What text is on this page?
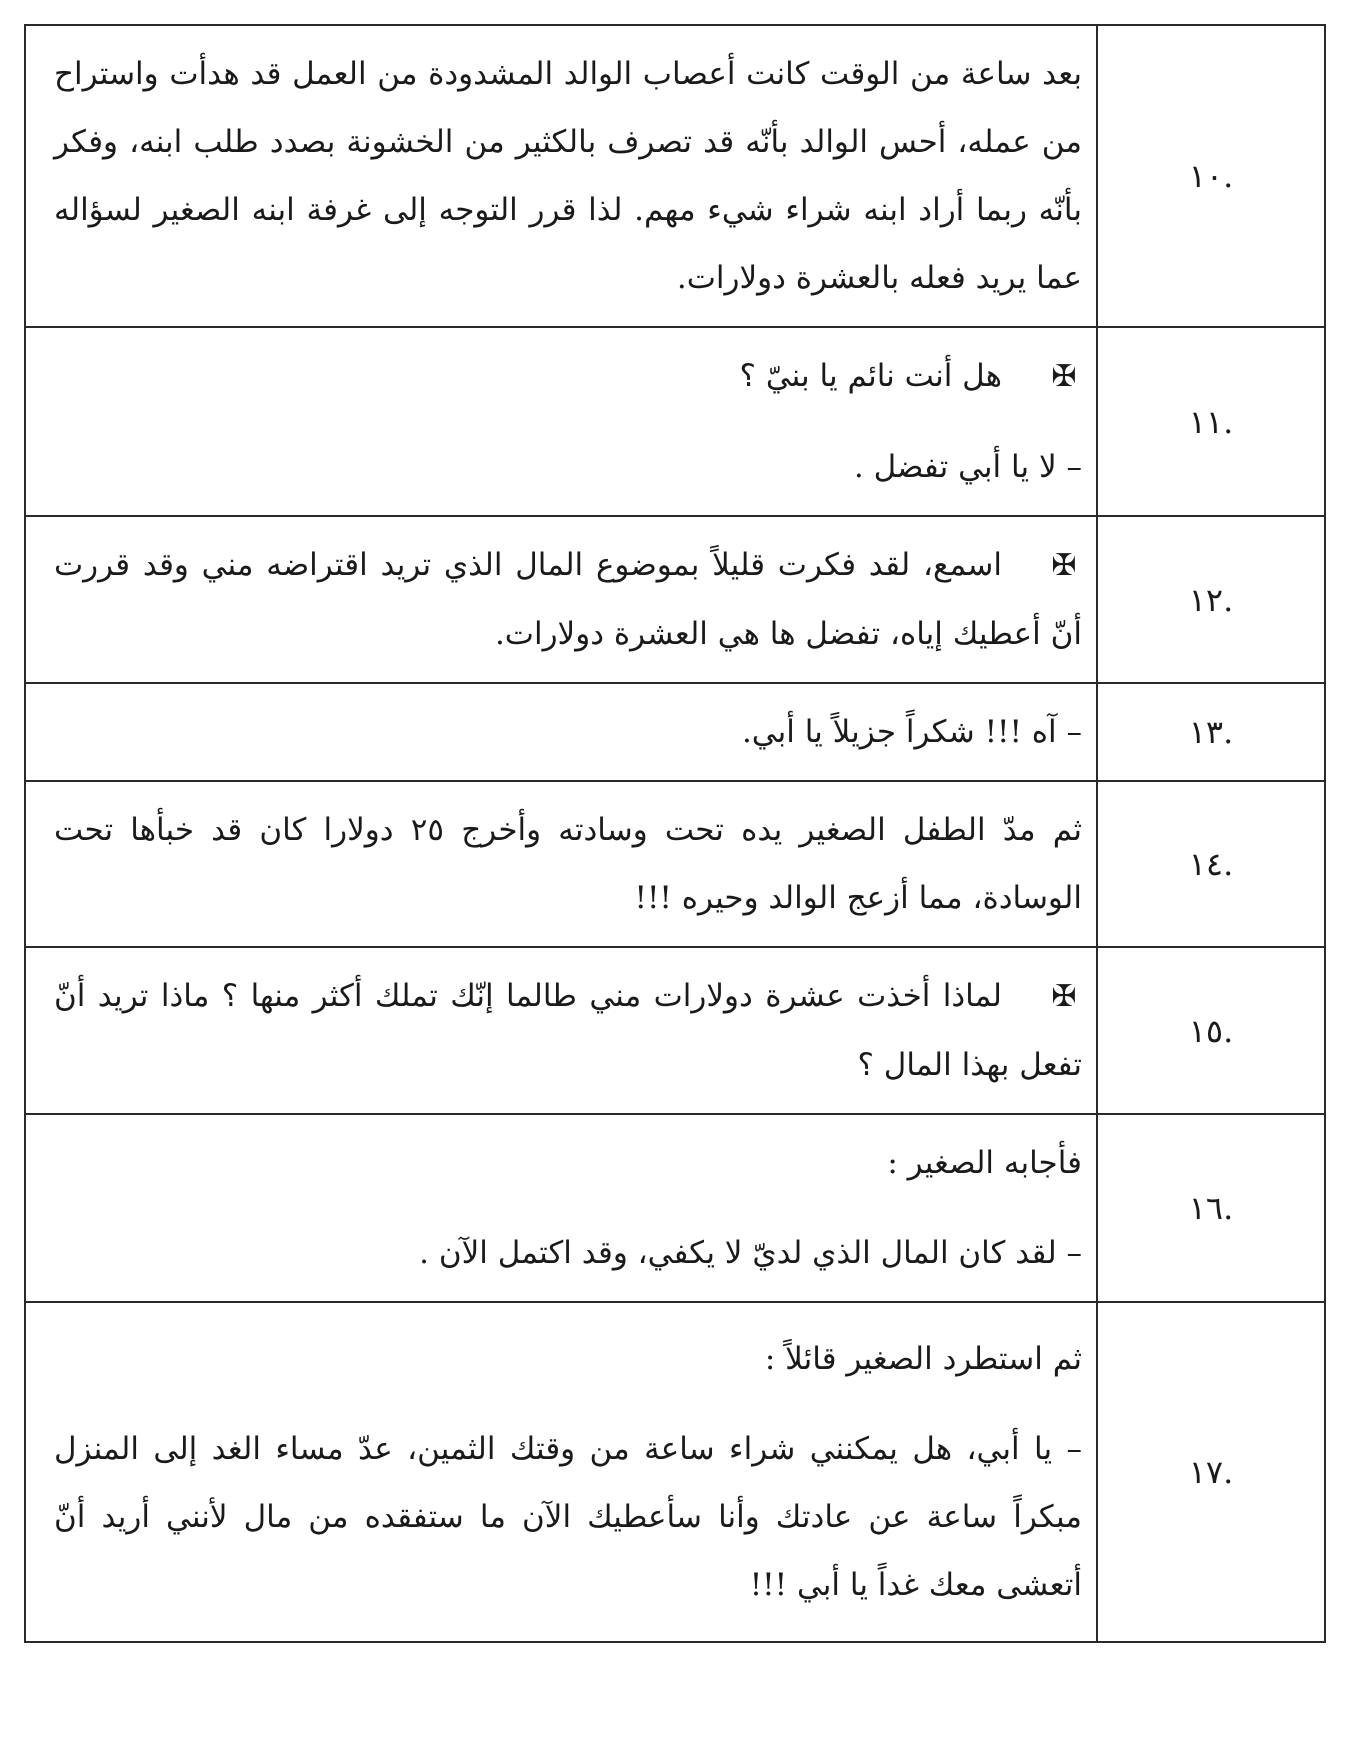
.١٠	بعد ساعة من الوقت كانت أعصاب الوالد المشدودة من العمل قد هدأت واستراح من عمله، أحس الوالد بأنّه قد تصرف بالكثير من الخشونة بصدد طلب ابنه، وفكر بأنّه ربما أراد ابنه شراء شيء مهم. لذا قرر التوجه إلى غرفة ابنه الصغير لسؤاله عما يريد فعله بالعشرة دولارات.

.١١	✠هل أنت نائم يا بنيّ ؟

– لا يا أبي تفضل .

.١٢	✠اسمع، لقد فكرت قليلاً بموضوع المال الذي تريد اقتراضه مني وقد قررت أنّ أعطيك إياه، تفضل ها هي العشرة دولارات.

.١٣	– آه !!! شكراً جزيلاً يا أبي.

.١٤	ثم مدّ الطفل الصغير يده تحت وسادته وأخرج ٢٥ دولارا كان قد خبأها تحت الوسادة، مما أزعج الوالد وحيره !!!

.١٥	✠لماذا أخذت عشرة دولارات مني طالما إنّك تملك أكثر منها ؟ ماذا تريد أنّ تفعل بهذا المال ؟

.١٦	فأجابه الصغير :

– لقد كان المال الذي لديّ لا يكفي، وقد اكتمل الآن .

.١٧	ثم استطرد الصغير قائلاً :

– يا أبي، هل يمكنني شراء ساعة من وقتك الثمين، عدّ مساء الغد إلى المنزل مبكراً ساعة عن عادتك وأنا سأعطيك الآن ما ستفقده من مال لأنني أريد أنّ أتعشى معك غداً يا أبي !!!
